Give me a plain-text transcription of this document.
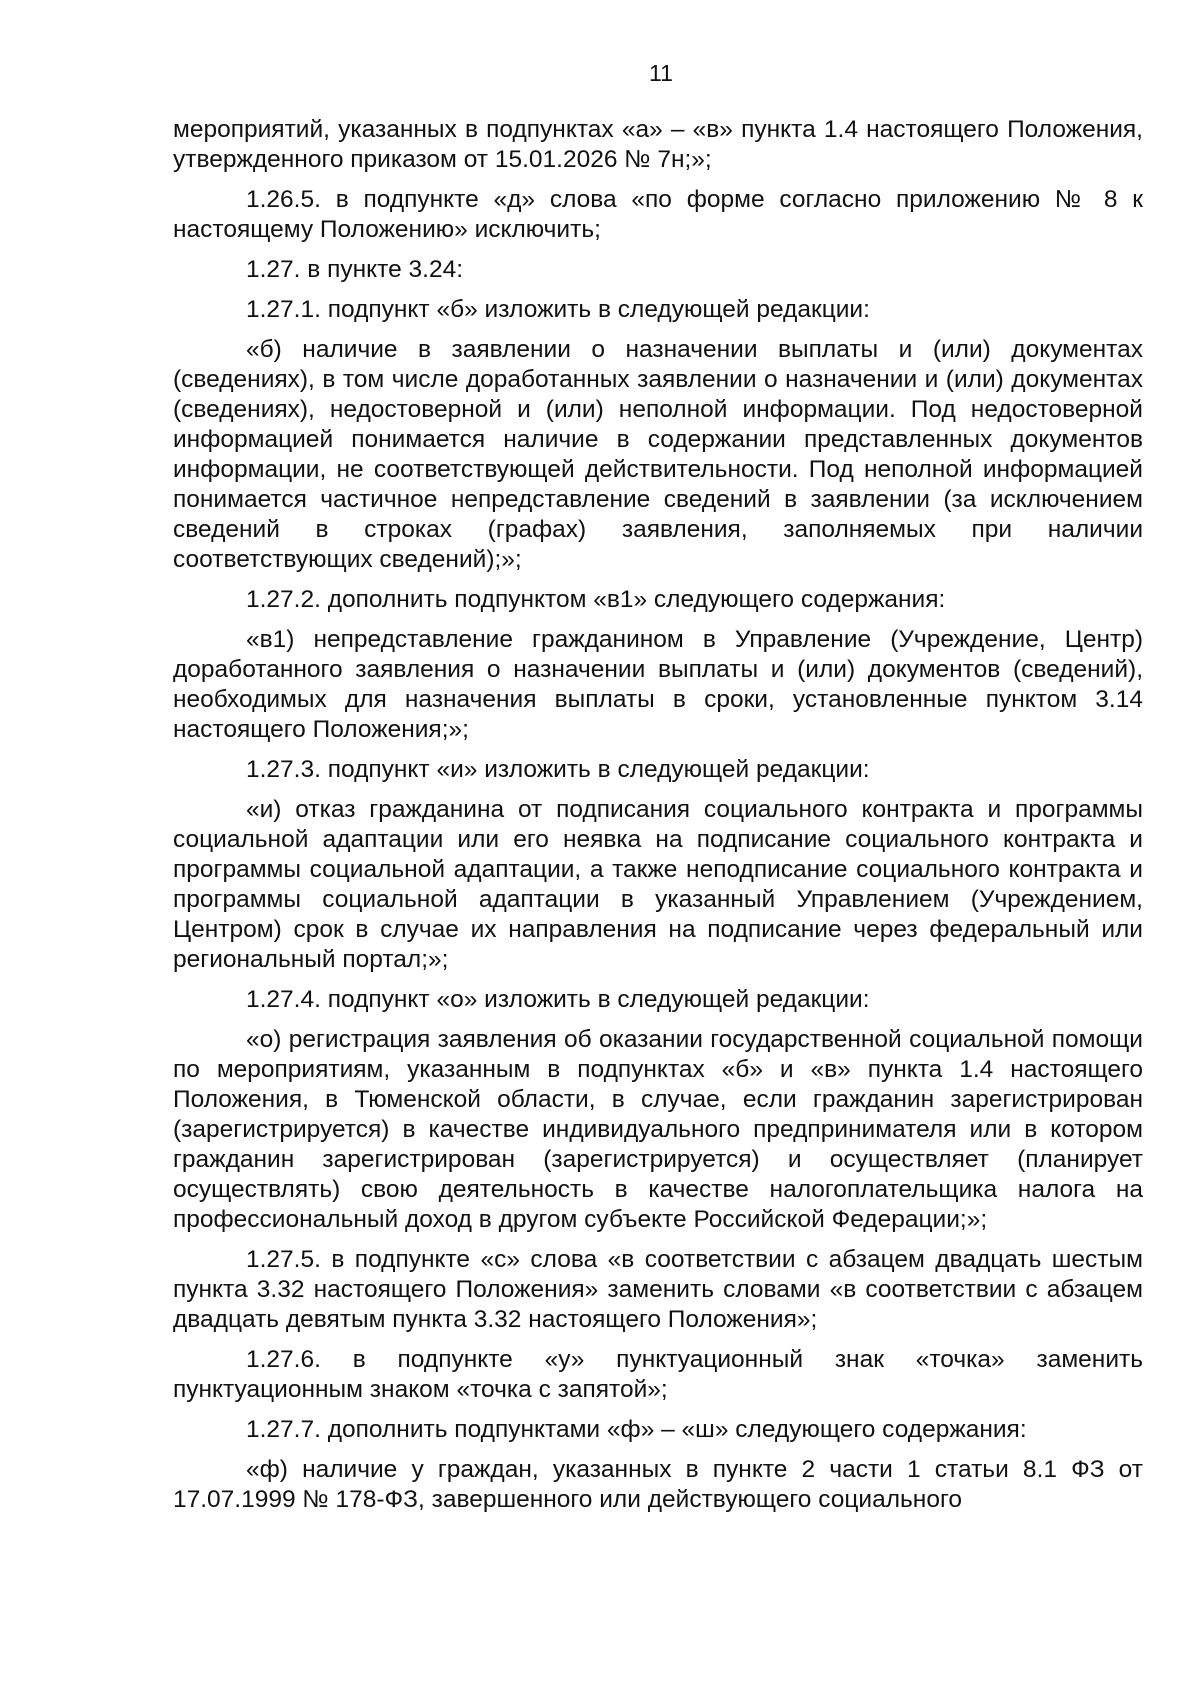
11

мероприятий, указанных в подпунктах «а» – «в» пункта 1.4 настоящего Положения, утвержденного приказом от 15.01.2026 № 7н;»;

1.26.5. в подпункте «д» слова «по форме согласно приложению № 8 к настоящему Положению» исключить;

1.27. в пункте 3.24:

1.27.1. подпункт «б» изложить в следующей редакции:

«б) наличие в заявлении о назначении выплаты и (или) документах (сведениях), в том числе доработанных заявлении о назначении и (или) документах (сведениях), недостоверной и (или) неполной информации. Под недостоверной информацией понимается наличие в содержании представленных документов информации, не соответствующей действительности. Под неполной информацией понимается частичное непредставление сведений в заявлении (за исключением сведений в строках (графах) заявления, заполняемых при наличии соответствующих сведений);»;

1.27.2. дополнить подпунктом «в1» следующего содержания:

«в1) непредставление гражданином в Управление (Учреждение, Центр) доработанного заявления о назначении выплаты и (или) документов (сведений), необходимых для назначения выплаты в сроки, установленные пунктом 3.14 настоящего Положения;»;

1.27.3. подпункт «и» изложить в следующей редакции:

«и) отказ гражданина от подписания социального контракта и программы социальной адаптации или его неявка на подписание социального контракта и программы социальной адаптации, а также неподписание социального контракта и программы социальной адаптации в указанный Управлением (Учреждением, Центром) срок в случае их направления на подписание через федеральный или региональный портал;»;

1.27.4. подпункт «о» изложить в следующей редакции:

«о) регистрация заявления об оказании государственной социальной помощи по мероприятиям, указанным в подпунктах «б» и «в» пункта 1.4 настоящего Положения, в Тюменской области, в случае, если гражданин зарегистрирован (зарегистрируется) в качестве индивидуального предпринимателя или в котором гражданин зарегистрирован (зарегистрируется) и осуществляет (планирует осуществлять) свою деятельность в качестве налогоплательщика налога на профессиональный доход в другом субъекте Российской Федерации;»;

1.27.5. в подпункте «с» слова «в соответствии с абзацем двадцать шестым пункта 3.32 настоящего Положения» заменить словами «в соответствии с абзацем двадцать девятым пункта 3.32 настоящего Положения»;

1.27.6. в подпункте «у» пунктуационный знак «точка» заменить пунктуационным знаком «точка с запятой»;

1.27.7. дополнить подпунктами «ф» – «ш» следующего содержания:

«ф) наличие у граждан, указанных в пункте 2 части 1 статьи 8.1 ФЗ от 17.07.1999 № 178-ФЗ, завершенного или действующего социального
